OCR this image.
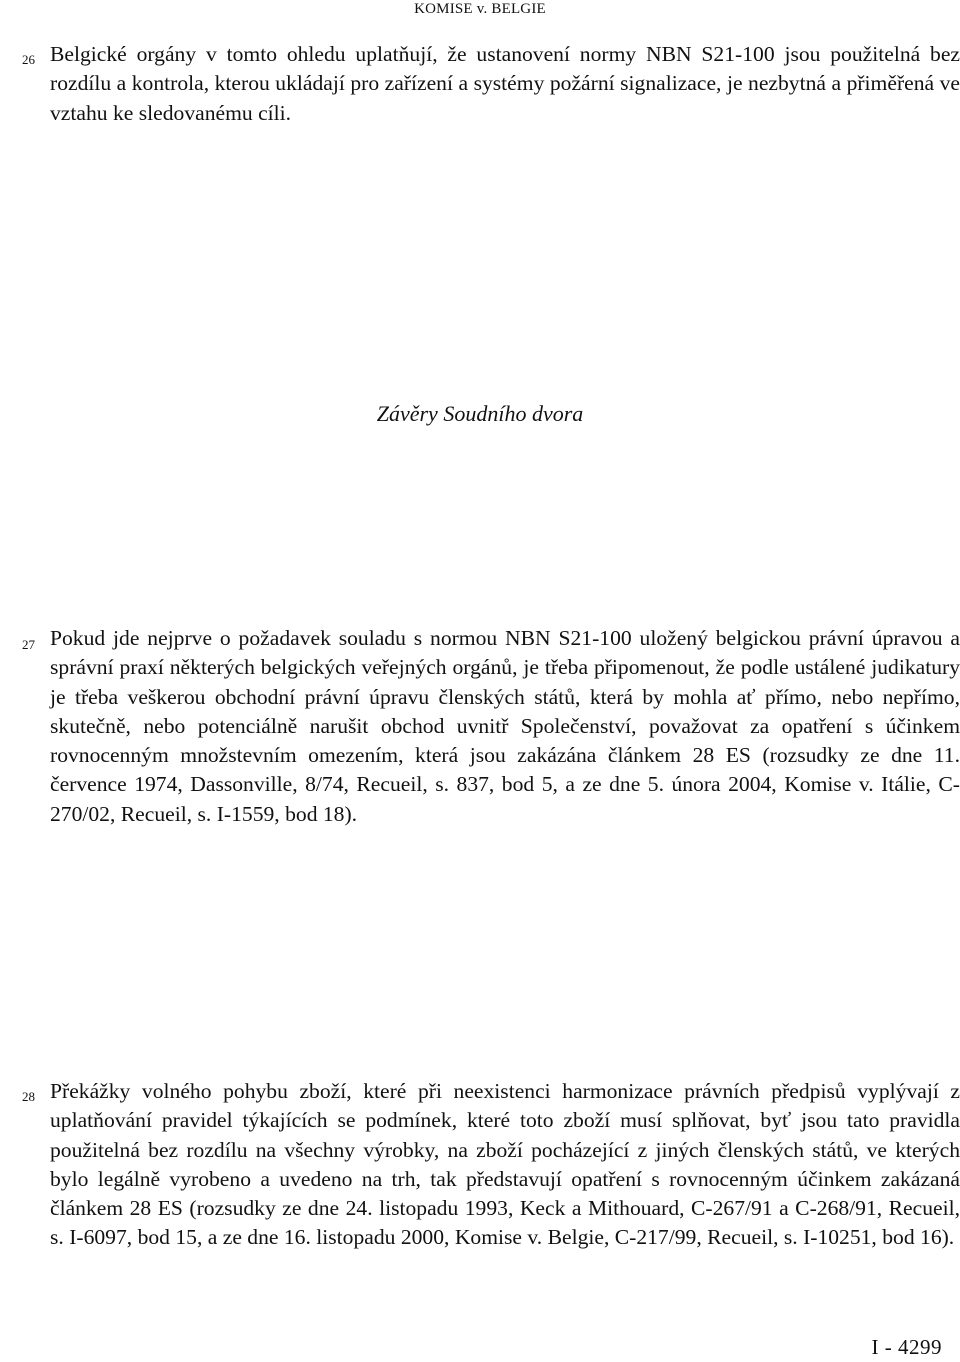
KOMISE v. BELGIE
26 Belgické orgány v tomto ohledu uplatňují, že ustanovení normy NBN S21-100 jsou použitelná bez rozdílu a kontrola, kterou ukládají pro zařízení a systémy požární signalizace, je nezbytná a přiměřená ve vztahu ke sledovanému cíli.

Závěry Soudního dvora
27 Pokud jde nejprve o požadavek souladu s normou NBN S21-100 uložený belgickou právní úpravou a správní praxí některých belgických veřejných orgánů, je třeba připomenout, že podle ustálené judikatury je třeba veškerou obchodní právní úpravu členských států, která by mohla ať přímo, nebo nepřímo, skutečně, nebo potenciálně narušit obchod uvnitř Společenství, považovat za opatření s účinkem rovnocenným množstevním omezením, která jsou zakázána článkem 28 ES (rozsudky ze dne 11. července 1974, Dassonville, 8/74, Recueil, s. 837, bod 5, a ze dne 5. února 2004, Komise v. Itálie, C-270/02, Recueil, s. I-1559, bod 18).

28 Překážky volného pohybu zboží, které při neexistenci harmonizace právních předpisů vyplývají z uplatňování pravidel týkajících se podmínek, které toto zboží musí splňovat, byť jsou tato pravidla použitelná bez rozdílu na všechny výrobky, na zboží pocházející z jiných členských států, ve kterých bylo legálně vyrobeno a uvedeno na trh, tak představují opatření s rovnocenným účinkem zakázaná článkem 28 ES (rozsudky ze dne 24. listopadu 1993, Keck a Mithouard, C-267/91 a C-268/91, Recueil, s. I-6097, bod 15, a ze dne 16. listopadu 2000, Komise v. Belgie, C-217/99, Recueil, s. I-10251, bod 16).

I - 4299
